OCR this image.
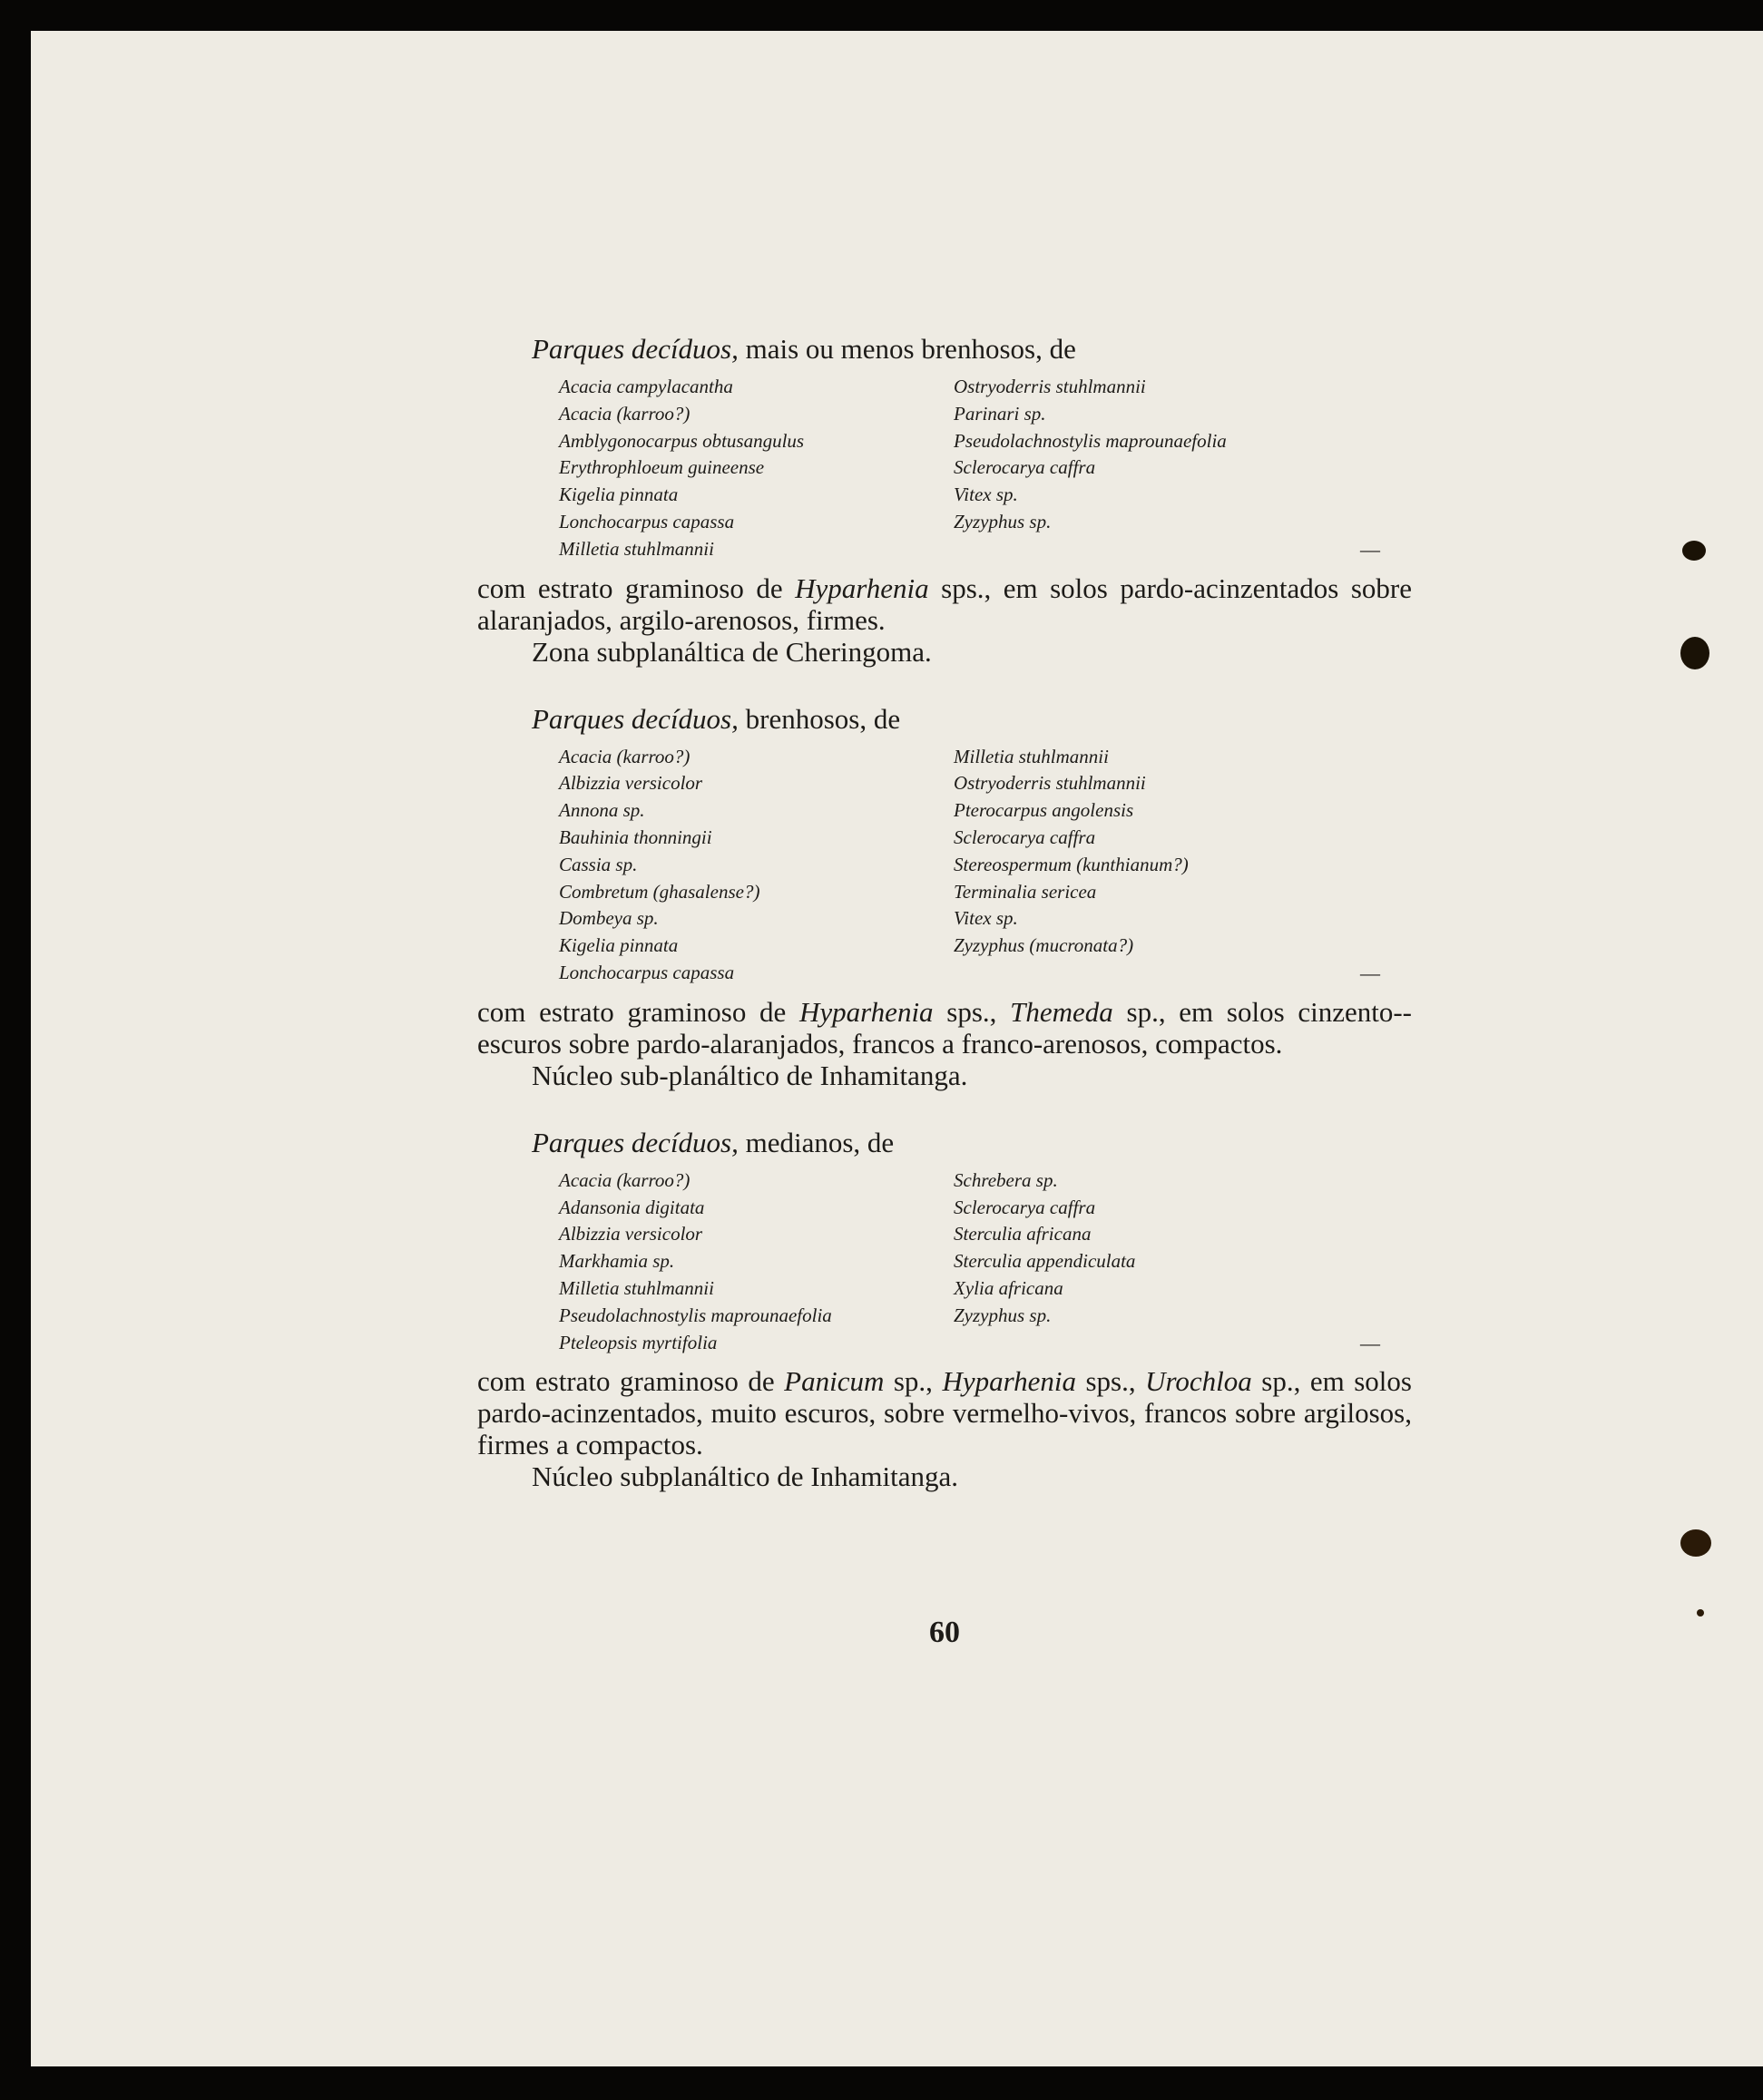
Parques decíduos, mais ou menos brenhosos, de
Acacia campylacantha
Acacia (karroo?)
Amblygonocarpus obtusangulus
Erythrophloeum guineense
Kigelia pinnata
Lonchocarpus capassa
Milletia stuhlmannii
Ostryoderris stuhlmannii
Parinari sp.
Pseudolachnostylis maprounaefolia
Sclerocarya caffra
Vitex sp.
Zyzyphus sp.
—

com estrato graminoso de Hyparhenia sps., em solos pardo-acinzentados sobre alaranjados, argilo-arenosos, firmes.

Zona subplanáltica de Cheringoma.
Parques decíduos, brenhosos, de
Acacia (karroo?)
Albizzia versicolor
Annona sp.
Bauhinia thonningii
Cassia sp.
Combretum (ghasalense?)
Dombeya sp.
Kigelia pinnata
Lonchocarpus capassa
Milletia stuhlmannii
Ostryoderris stuhlmannii
Pterocarpus angolensis
Sclerocarya caffra
Stereospermum (kunthianum?)
Terminalia sericea
Vitex sp.
Zyzyphus (mucronata?)
—

com estrato graminoso de Hyparhenia sps., Themeda sp., em solos cinzento--escuros sobre pardo-alaranjados, francos a franco-arenosos, compactos.

Núcleo sub-planáltico de Inhamitanga.
Parques decíduos, medianos, de
Acacia (karroo?)
Adansonia digitata
Albizzia versicolor
Markhamia sp.
Milletia stuhlmannii
Pseudolachnostylis maprounaefolia
Pteleopsis myrtifolia
Schrebera sp.
Sclerocarya caffra
Sterculia africana
Sterculia appendiculata
Xylia africana
Zyzyphus sp.
—

com estrato graminoso de Panicum sp., Hyparhenia sps., Urochloa sp., em solos pardo-acinzentados, muito escuros, sobre vermelho-vivos, francos sobre argilosos, firmes a compactos.

Núcleo subplanáltico de Inhamitanga.
60
